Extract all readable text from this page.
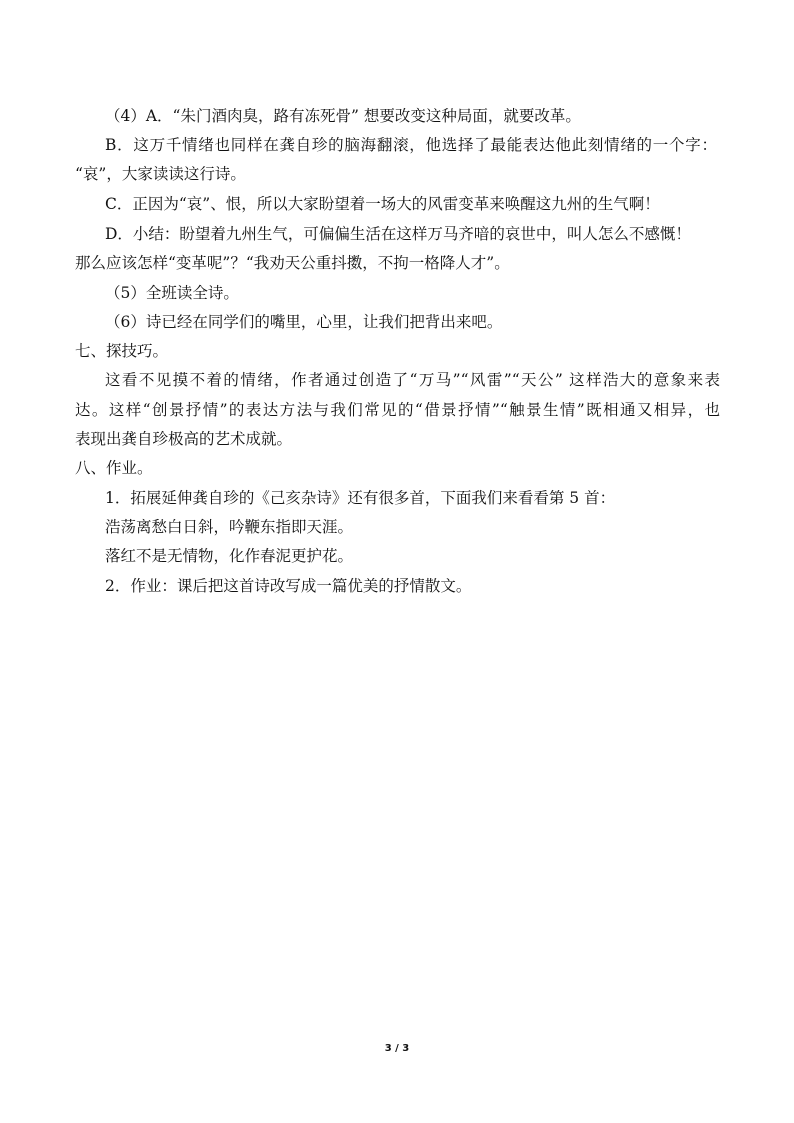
（4）A．“朱门酒肉臭，路有冻死骨” 想要改变这种局面，就要改革。
B．这万千情绪也同样在龚自珍的脑海翻滚，他选择了最能表达他此刻情绪的一个字：
“哀”，大家读读这行诗。
C．正因为“哀”、恨，所以大家盼望着一场大的风雷变革来唤醒这九州的生气啊！
D．小结：盼望着九州生气，可偏偏生活在这样万马齐喑的哀世中，叫人怎么不感慨！
那么应该怎样“变革呢”？“我劝天公重抖擞，不拘一格降人才”。
（5）全班读全诗。
（6）诗已经在同学们的嘴里，心里，让我们把背出来吧。
七、探技巧。
这看不见摸不着的情绪，作者通过创造了“万马”“风雷”“天公” 这样浩大的意象来表
达。这样“创景抒情”的表达方法与我们常见的“借景抒情”“触景生情”既相通又相异，也
表现出龚自珍极高的艺术成就。
八、作业。
1．拓展延伸龚自珍的《己亥杂诗》还有很多首，下面我们来看看第 5 首：
浩荡离愁白日斜，吟鞭东指即天涯。
落红不是无情物，化作春泥更护花。
2．作业：课后把这首诗改写成一篇优美的抒情散文。
3 / 3
